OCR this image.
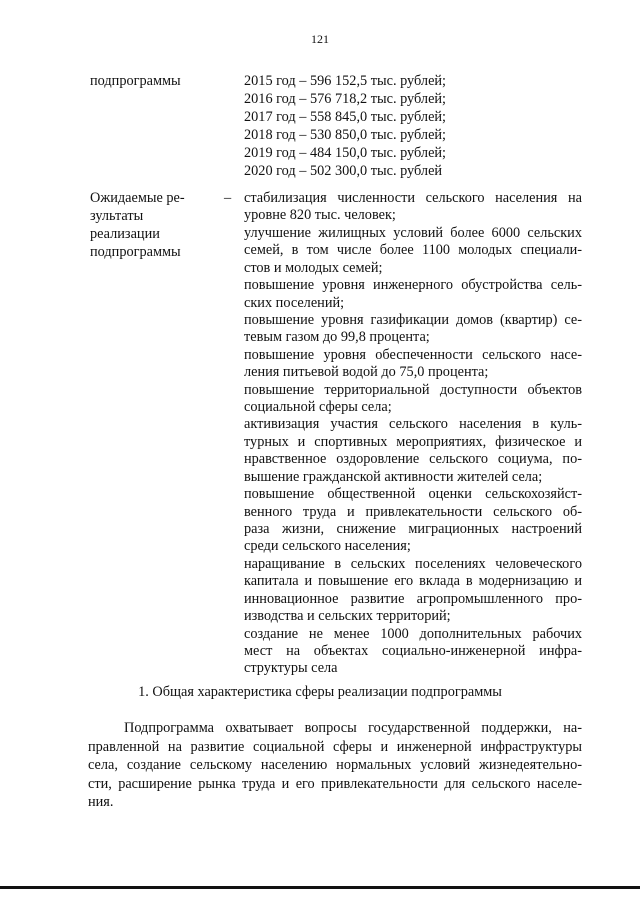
121
подпрограммы	2015 год – 596 152,5 тыс. рублей;
2016 год – 576 718,2 тыс. рублей;
2017 год – 558 845,0 тыс. рублей;
2018 год – 530 850,0 тыс. рублей;
2019 год – 484 150,0 тыс. рублей;
2020 год – 502 300,0 тыс. рублей
Ожидаемые ре-
зультаты
реализации
подпрограммы
– стабилизация численности сельского населения на
уровне 820 тыс. человек;
улучшение жилищных условий более 6000 сельских
семей, в том числе более 1100 молодых специали-
стов и молодых семей;
повышение уровня инженерного обустройства сель-
ских поселений;
повышение уровня газификации домов (квартир) се-
тевым газом до 99,8 процента;
повышение уровня обеспеченности сельского насе-
ления питьевой водой до 75,0 процента;
повышение территориальной доступности объектов
социальной сферы села;
активизация участия сельского населения в куль-
турных и спортивных мероприятиях, физическое и
нравственное оздоровление сельского социума, по-
вышение гражданской активности жителей села;
повышение общественной оценки сельскохозяйст-
венного труда и привлекательности сельского об-
раза жизни, снижение миграционных настроений
среди сельского населения;
наращивание в сельских поселениях человеческого
капитала и повышение его вклада в модернизацию и
инновационное развитие агропромышленного про-
изводства и сельских территорий;
создание не менее 1000 дополнительных рабочих
мест на объектах социально-инженерной инфра-
структуры села
1. Общая характеристика сферы реализации подпрограммы
Подпрограмма охватывает вопросы государственной поддержки, на-
правленной на развитие социальной сферы и инженерной инфраструктуры
села, создание сельскому населению нормальных условий жизнедеятельно-
сти, расширение рынка труда и его привлекательности для сельского населе-
ния.
